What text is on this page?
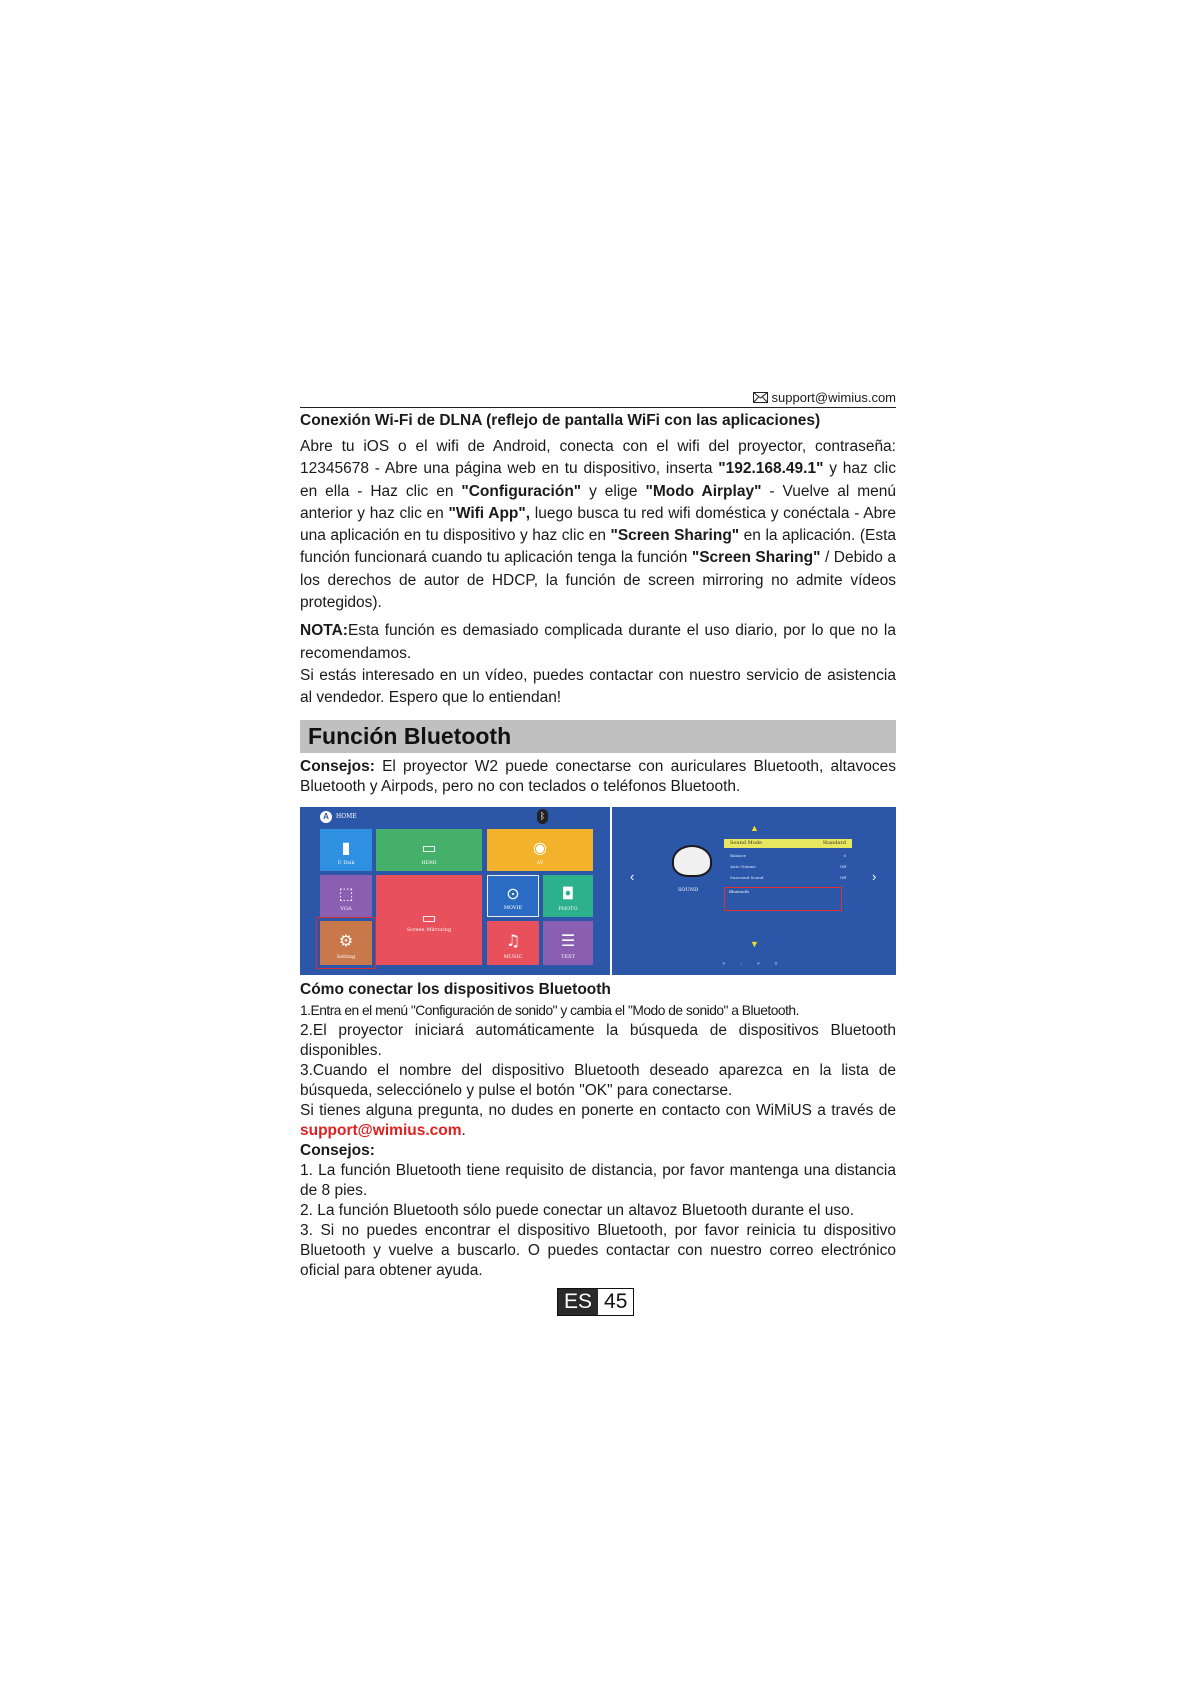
support@wimius.com
Conexión Wi-Fi de DLNA (reflejo de pantalla WiFi con las aplicaciones)

Abre tu iOS o el wifi de Android, conecta con el wifi del proyector, contraseña: 12345678 - Abre una página web en tu dispositivo, inserta "192.168.49.1" y haz clic en ella - Haz clic en "Configuración" y elige "Modo Airplay" - Vuelve al menú anterior y haz clic en "Wifi App", luego busca tu red wifi doméstica y conéctala - Abre una aplicación en tu dispositivo y haz clic en "Screen Sharing" en la aplicación. (Esta función funcionará cuando tu aplicación tenga la función "Screen Sharing" / Debido a los derechos de autor de HDCP, la función de screen mirroring no admite vídeos protegidos).

NOTA:Esta función es demasiado complicada durante el uso diario, por lo que no la recomendamos.

Si estás interesado en un vídeo, puedes contactar con nuestro servicio de asistencia al vendedor. Espero que lo entiendan!

Función Bluetooth
Consejos: El proyector W2 puede conectarse con auriculares Bluetooth, altavoces Bluetooth y Airpods, pero no con teclados o teléfonos Bluetooth.
A	HOME	ᛒ
▮
U Disk
▭
HDMI
◉
AV
⬚
VGA	▭
Screen Mirroring
⊙
MOVIE
◘
PHOTO
⚙
Setting
♫
MUSIC
☰
TEXT
‹	›
▲
▼
SOUND
Sound Mode	Standard
Balance	0
Auto Volume	Off
Surround Sound	Off
Bluetooth
● ♪ ● ●
Cómo conectar los dispositivos Bluetooth
1.Entra en el menú "Configuración de sonido" y cambia el "Modo de sonido" a Bluetooth.
2.El proyector iniciará automáticamente la búsqueda de dispositivos Bluetooth disponibles.
3.Cuando el nombre del dispositivo Bluetooth deseado aparezca en la lista de búsqueda, selecciónelo y pulse el botón "OK" para conectarse.
Si tienes alguna pregunta, no dudes en ponerte en contacto con WiMiUS a través de support@wimius.com.
Consejos:
1. La función Bluetooth tiene requisito de distancia, por favor mantenga una distancia de 8 pies.
2. La función Bluetooth sólo puede conectar un altavoz Bluetooth durante el uso.
3. Si no puedes encontrar el dispositivo Bluetooth, por favor reinicia tu dispositivo Bluetooth y vuelve a buscarlo. O puedes contactar con nuestro correo electrónico oficial para obtener ayuda.
ES 45
